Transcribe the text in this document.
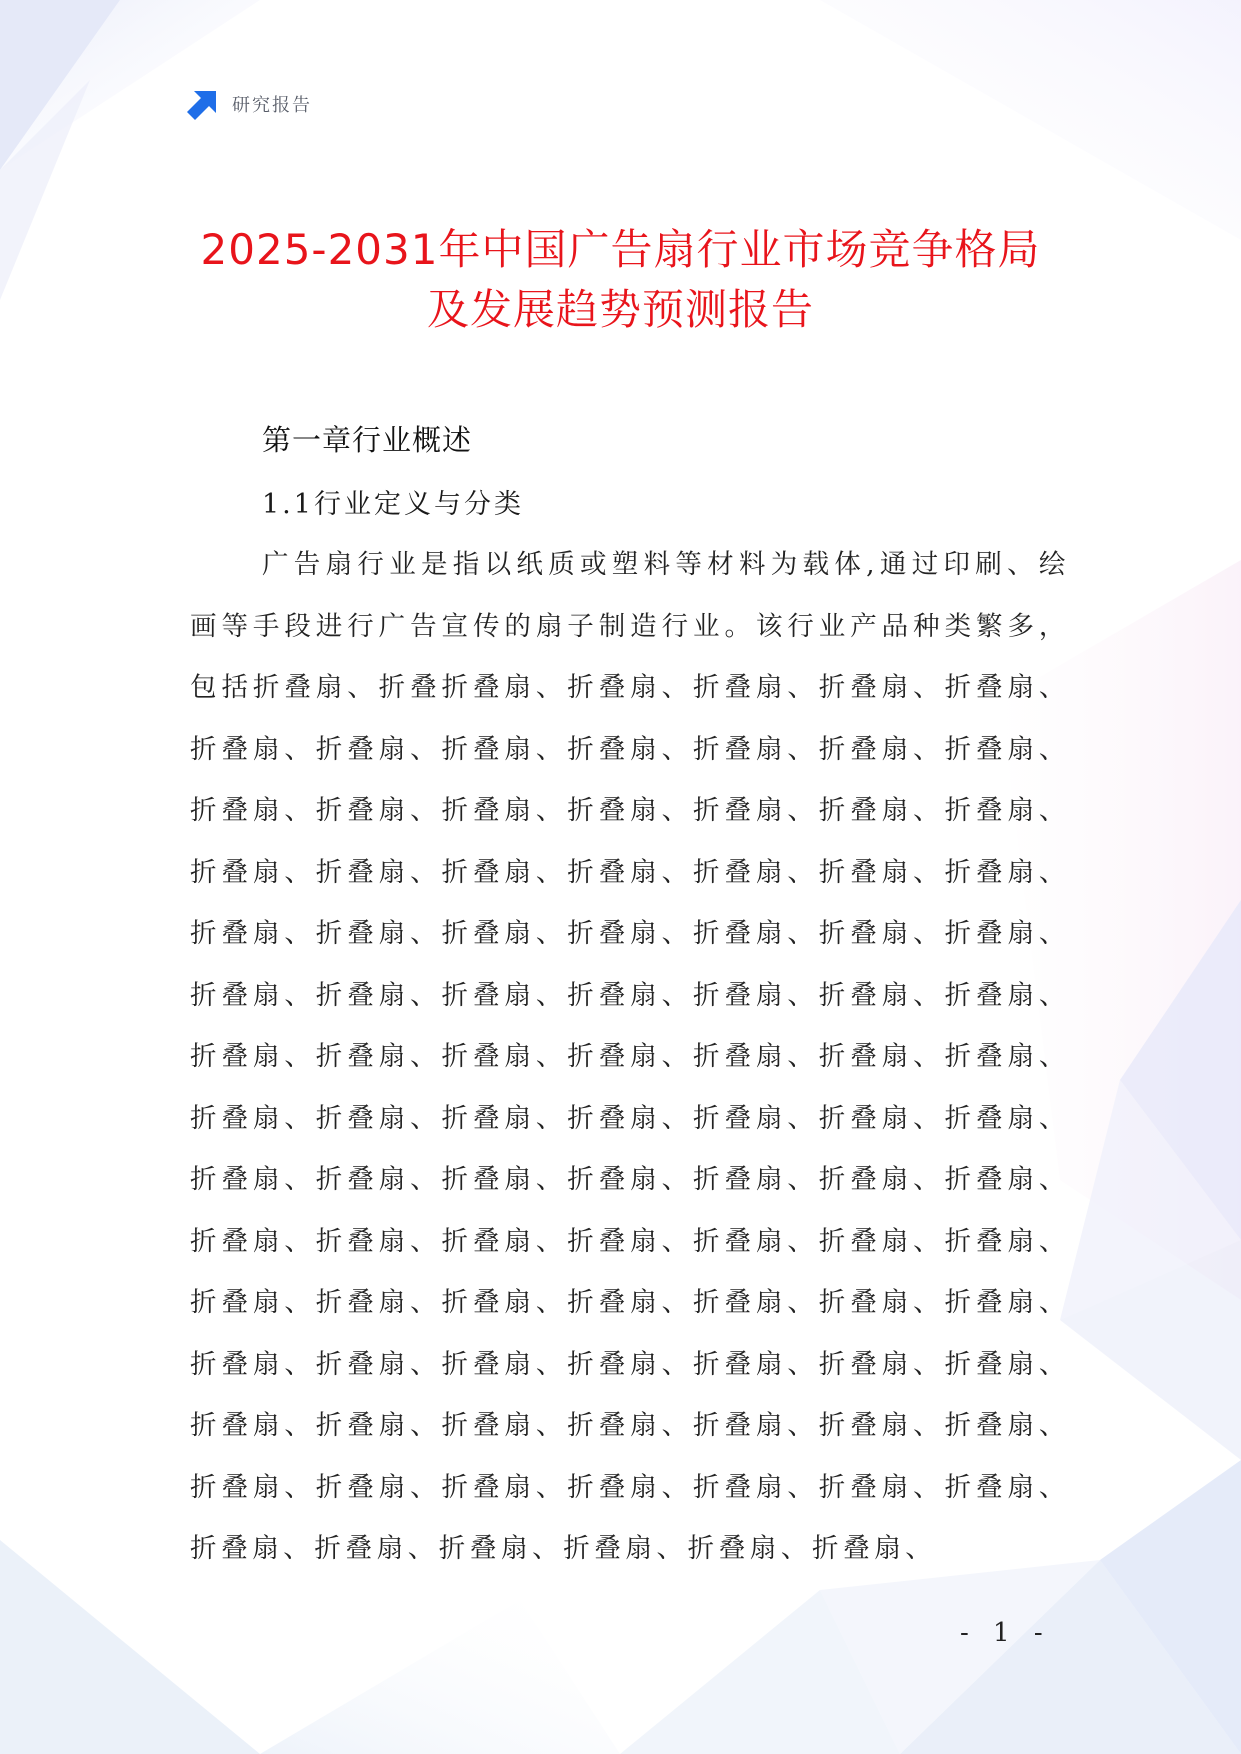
研究报告
2025-2031年中国广告扇行业市场竞争格局
及发展趋势预测报告
第一章行业概述
1.1行业定义与分类

广告扇行业是指以纸质或塑料等材料为载体,通过印刷、绘画等手段进行广告宣传的扇子制造行业。该行业产品种类繁多，包括折叠扇、折叠折叠扇、折叠扇、折叠扇、折叠扇、折叠扇、折叠扇、折叠扇、折叠扇、折叠扇、折叠扇、折叠扇、折叠扇、折叠扇、折叠扇、折叠扇、折叠扇、折叠扇、折叠扇、折叠扇、折叠扇、折叠扇、折叠扇、折叠扇、折叠扇、折叠扇、折叠扇、折叠扇、折叠扇、折叠扇、折叠扇、折叠扇、折叠扇、折叠扇、折叠扇、折叠扇、折叠扇、折叠扇、折叠扇、折叠扇、折叠扇、折叠扇、折叠扇、折叠扇、折叠扇、折叠扇、折叠扇、折叠扇、折叠扇、折叠扇、折叠扇、折叠扇、折叠扇、折叠扇、折叠扇、折叠扇、折叠扇、折叠扇、折叠扇、折叠扇、折叠扇、折叠扇、折叠扇、折叠扇、折叠扇、折叠扇、折叠扇、折叠扇、折叠扇、折叠扇、折叠扇、折叠扇、折叠扇、折叠扇、折叠扇、折叠扇、折叠扇、折叠扇、折叠扇、折叠扇、折叠扇、折叠扇、折叠扇、折叠扇、折叠扇、折叠扇、折叠扇、折叠扇、折叠扇、折叠扇、折叠扇、折叠扇、折叠扇、折叠扇、折叠扇、折叠扇、折叠扇、折叠扇、折叠扇、折叠扇、折叠扇、折叠扇、折叠扇、

- 1 -
